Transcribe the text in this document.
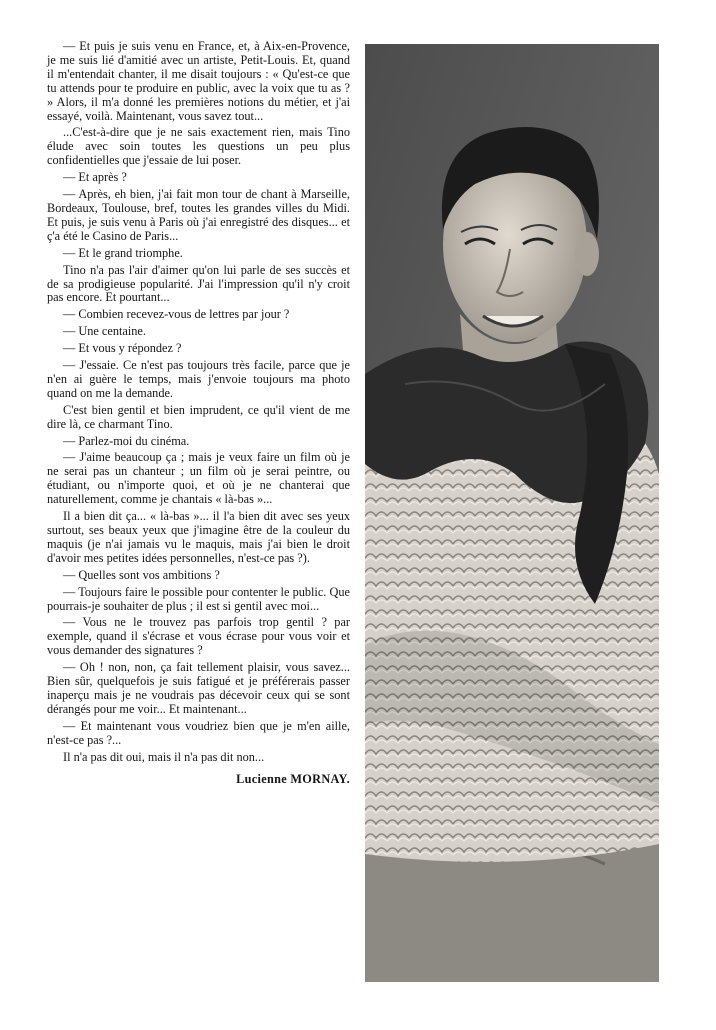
— Et puis je suis venu en France, et, à Aix-en-Provence, je me suis lié d'amitié avec un artiste, Petit-Louis. Et, quand il m'entendait chanter, il me disait toujours : « Qu'est-ce que tu attends pour te produire en public, avec la voix que tu as ? » Alors, il m'a donné les premières notions du métier, et j'ai essayé, voilà. Maintenant, vous savez tout...

...C'est-à-dire que je ne sais exactement rien, mais Tino élude avec soin toutes les questions un peu plus confidentielles que j'essaie de lui poser.

— Et après ?

— Après, eh bien, j'ai fait mon tour de chant à Marseille, Bordeaux, Toulouse, bref, toutes les grandes villes du Midi. Et puis, je suis venu à Paris où j'ai enregistré des disques... et ç'a été le Casino de Paris...

— Et le grand triomphe.

Tino n'a pas l'air d'aimer qu'on lui parle de ses succès et de sa prodigieuse popularité. J'ai l'impression qu'il n'y croit pas encore. Et pourtant...

— Combien recevez-vous de lettres par jour ?

— Une centaine.

— Et vous y répondez ?

— J'essaie. Ce n'est pas toujours très facile, parce que je n'en ai guère le temps, mais j'envoie toujours ma photo quand on me la demande.

C'est bien gentil et bien imprudent, ce qu'il vient de me dire là, ce charmant Tino.

— Parlez-moi du cinéma.

— J'aime beaucoup ça ; mais je veux faire un film où je ne serai pas un chanteur ; un film où je serai peintre, ou étudiant, ou n'importe quoi, et où je ne chanterai que naturellement, comme je chantais « là-bas »...

Il a bien dit ça... « là-bas »... il l'a bien dit avec ses yeux surtout, ses beaux yeux que j'imagine être de la couleur du maquis (je n'ai jamais vu le maquis, mais j'ai bien le droit d'avoir mes petites idées personnelles, n'est-ce pas ?).

— Quelles sont vos ambitions ?

— Toujours faire le possible pour contenter le public. Que pourrais-je souhaiter de plus ; il est si gentil avec moi...

— Vous ne le trouvez pas parfois trop gentil ? par exemple, quand il s'écrase et vous écrase pour vous voir et vous demander des signatures ?

— Oh ! non, non, ça fait tellement plaisir, vous savez... Bien sûr, quelquefois je suis fatigué et je préférerais passer inaperçu mais je ne voudrais pas décevoir ceux qui se sont dérangés pour me voir... Et maintenant...

— Et maintenant vous voudriez bien que je m'en aille, n'est-ce pas ?...

Il n'a pas dit oui, mais il n'a pas dit non...

Lucienne MORNAY.
